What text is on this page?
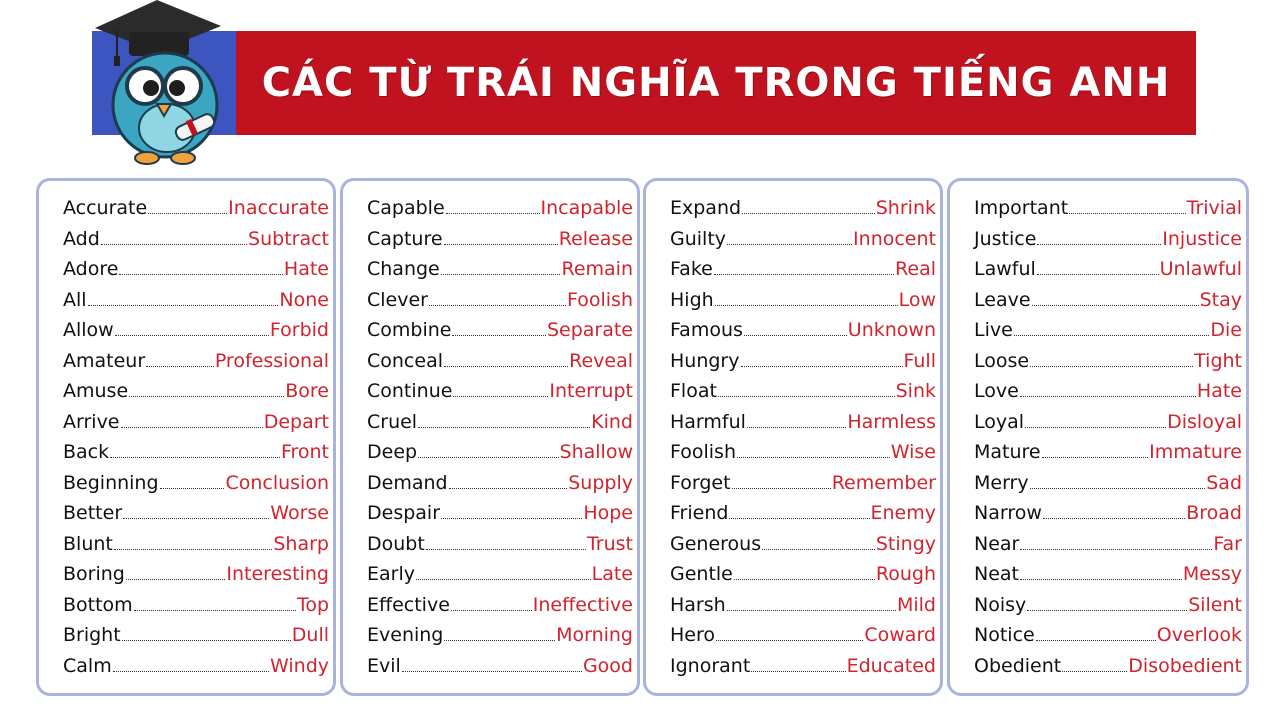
CÁC TỪ TRÁI NGHĨA TRONG TIẾNG ANH
Accurate	Inaccurate
Add	Subtract
Adore	Hate
All	None
Allow	Forbid
Amateur	Professional
Amuse	Bore
Arrive	Depart
Back	Front
Beginning	Conclusion
Better	Worse
Blunt	Sharp
Boring	Interesting
Bottom	Top
Bright	Dull
Calm	Windy
Capable	Incapable
Capture	Release
Change	Remain
Clever	Foolish
Combine	Separate
Conceal	Reveal
Continue	Interrupt
Cruel	Kind
Deep	Shallow
Demand	Supply
Despair	Hope
Doubt	Trust
Early	Late
Effective	Ineffective
Evening	Morning
Evil	Good
Expand	Shrink
Guilty	Innocent
Fake	Real
High	Low
Famous	Unknown
Hungry	Full
Float	Sink
Harmful	Harmless
Foolish	Wise
Forget	Remember
Friend	Enemy
Generous	Stingy
Gentle	Rough
Harsh	Mild
Hero	Coward
Ignorant	Educated
Important	Trivial
Justice	Injustice
Lawful	Unlawful
Leave	Stay
Live	Die
Loose	Tight
Love	Hate
Loyal	Disloyal
Mature	Immature
Merry	Sad
Narrow	Broad
Near	Far
Neat	Messy
Noisy	Silent
Notice	Overlook
Obedient	Disobedient
